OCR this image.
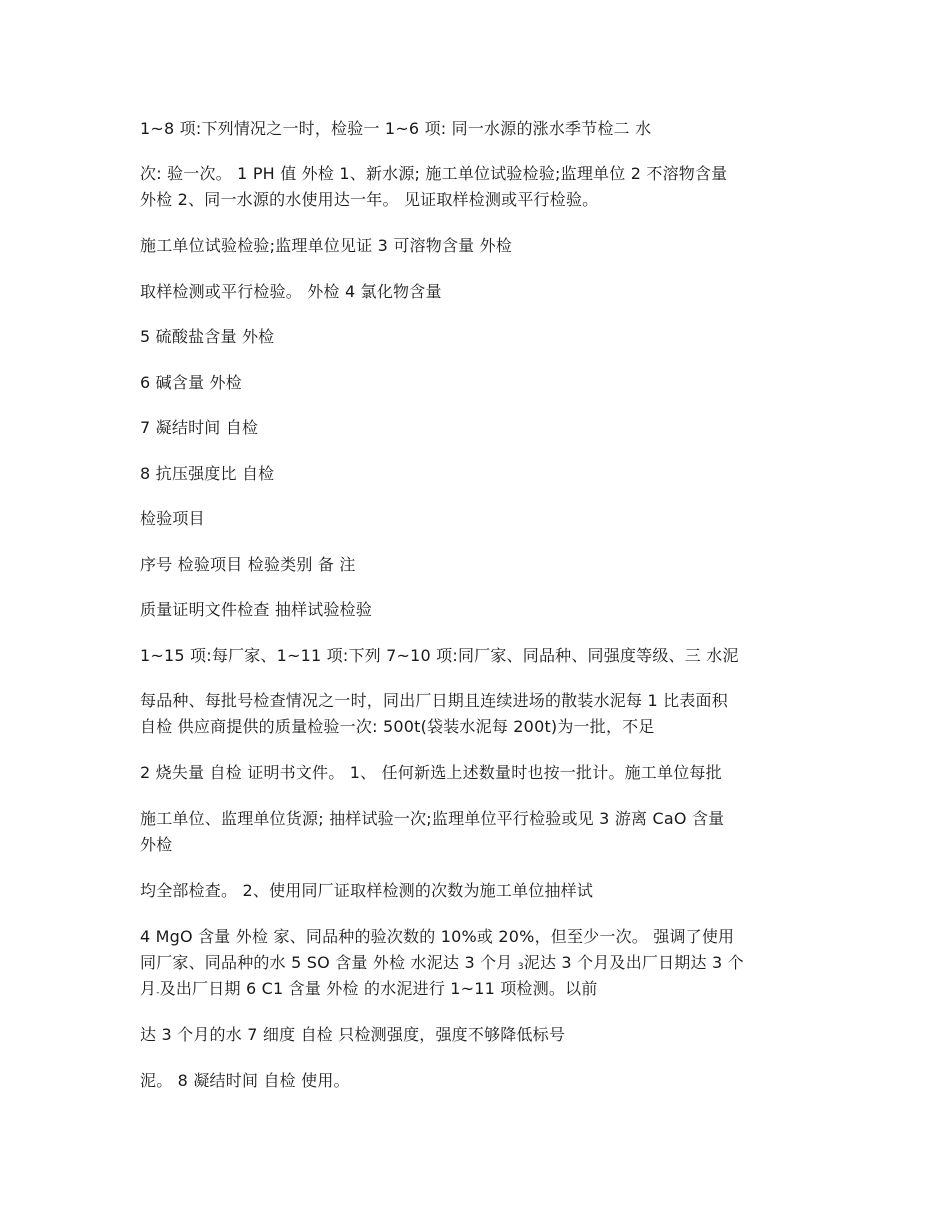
1~8 项:下列情况之一时，检验一 1~6 项: 同一水源的涨水季节检二 水
次: 验一次。 1 PH 值 外检 1、新水源; 施工单位试验检验;监理单位 2 不溶物含量
外检 2、同一水源的水使用达一年。 见证取样检测或平行检验。
施工单位试验检验;监理单位见证 3 可溶物含量 外检
取样检测或平行检验。 外检 4 氯化物含量
5 硫酸盐含量 外检
6 碱含量 外检
7 凝结时间 自检
8 抗压强度比 自检
检验项目
序号 检验项目 检验类别 备 注
质量证明文件检查 抽样试验检验
1~15 项:每厂家、1~11 项:下列 7~10 项:同厂家、同品种、同强度等级、三 水泥
每品种、每批号检查情况之一时，同出厂日期且连续进场的散装水泥每 1 比表面积
自检 供应商提供的质量检验一次: 500t(袋装水泥每 200t)为一批，不足
2 烧失量 自检 证明书文件。 1、 任何新选上述数量时也按一批计。施工单位每批
施工单位、监理单位货源; 抽样试验一次;监理单位平行检验或见 3 游离 CaO 含量
外检
均全部检查。 2、使用同厂证取样检测的次数为施工单位抽样试
4 MgO 含量 外检 家、同品种的验次数的 10%或 20%，但至少一次。 强调了使用
同厂家、同品种的水 5 SO 含量 外检 水泥达 3 个月 3泥达 3 个月及出厂日期达 3 个
月-及出厂日期 6 C1 含量 外检 的水泥进行 1~11 项检测。以前
达 3 个月的水 7 细度 自检 只检测强度，强度不够降低标号
泥。 8 凝结时间 自检 使用。
